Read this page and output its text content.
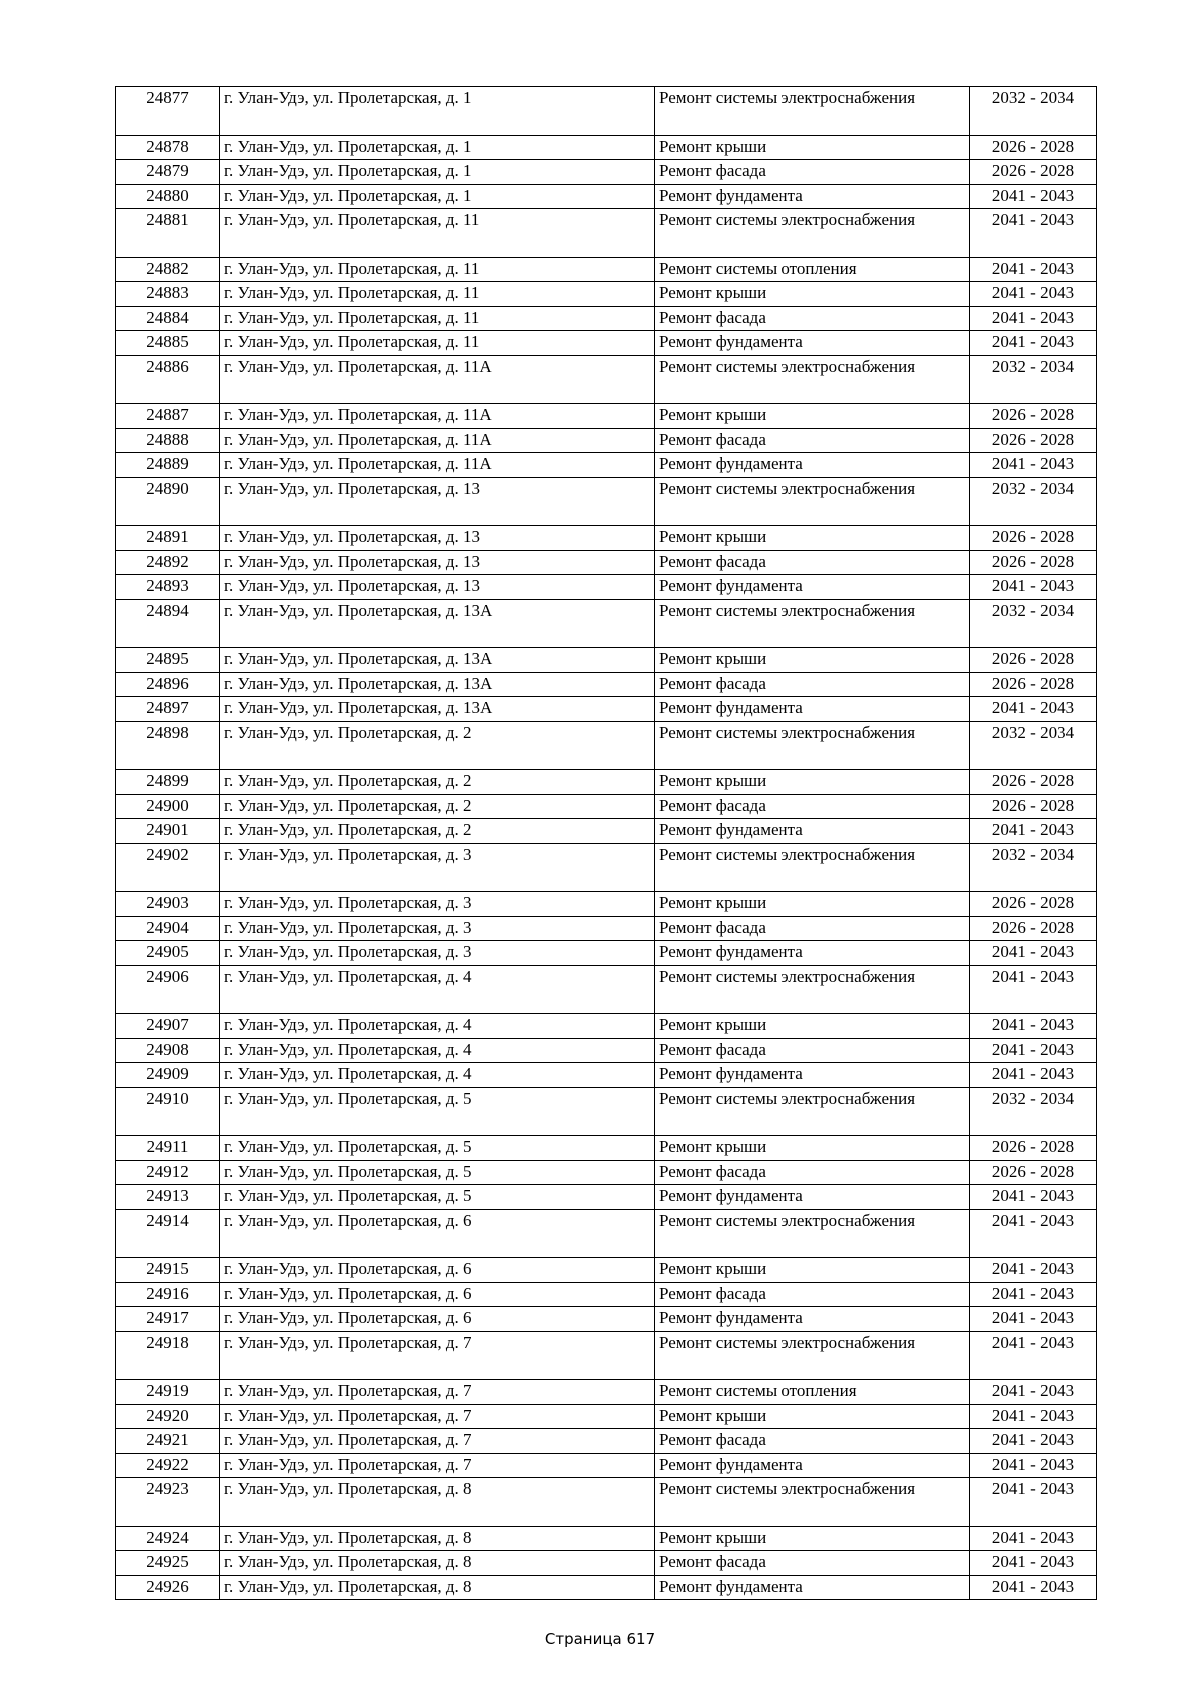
24877	г. Улан-Удэ, ул. Пролетарская, д. 1	Ремонт системы электроснабжения	2032 - 2034
24878	г. Улан-Удэ, ул. Пролетарская, д. 1	Ремонт крыши	2026 - 2028
24879	г. Улан-Удэ, ул. Пролетарская, д. 1	Ремонт фасада	2026 - 2028
24880	г. Улан-Удэ, ул. Пролетарская, д. 1	Ремонт фундамента	2041 - 2043
24881	г. Улан-Удэ, ул. Пролетарская, д. 11	Ремонт системы электроснабжения	2041 - 2043
24882	г. Улан-Удэ, ул. Пролетарская, д. 11	Ремонт системы отопления	2041 - 2043
24883	г. Улан-Удэ, ул. Пролетарская, д. 11	Ремонт крыши	2041 - 2043
24884	г. Улан-Удэ, ул. Пролетарская, д. 11	Ремонт фасада	2041 - 2043
24885	г. Улан-Удэ, ул. Пролетарская, д. 11	Ремонт фундамента	2041 - 2043
24886	г. Улан-Удэ, ул. Пролетарская, д. 11А	Ремонт системы электроснабжения	2032 - 2034
24887	г. Улан-Удэ, ул. Пролетарская, д. 11А	Ремонт крыши	2026 - 2028
24888	г. Улан-Удэ, ул. Пролетарская, д. 11А	Ремонт фасада	2026 - 2028
24889	г. Улан-Удэ, ул. Пролетарская, д. 11А	Ремонт фундамента	2041 - 2043
24890	г. Улан-Удэ, ул. Пролетарская, д. 13	Ремонт системы электроснабжения	2032 - 2034
24891	г. Улан-Удэ, ул. Пролетарская, д. 13	Ремонт крыши	2026 - 2028
24892	г. Улан-Удэ, ул. Пролетарская, д. 13	Ремонт фасада	2026 - 2028
24893	г. Улан-Удэ, ул. Пролетарская, д. 13	Ремонт фундамента	2041 - 2043
24894	г. Улан-Удэ, ул. Пролетарская, д. 13А	Ремонт системы электроснабжения	2032 - 2034
24895	г. Улан-Удэ, ул. Пролетарская, д. 13А	Ремонт крыши	2026 - 2028
24896	г. Улан-Удэ, ул. Пролетарская, д. 13А	Ремонт фасада	2026 - 2028
24897	г. Улан-Удэ, ул. Пролетарская, д. 13А	Ремонт фундамента	2041 - 2043
24898	г. Улан-Удэ, ул. Пролетарская, д. 2	Ремонт системы электроснабжения	2032 - 2034
24899	г. Улан-Удэ, ул. Пролетарская, д. 2	Ремонт крыши	2026 - 2028
24900	г. Улан-Удэ, ул. Пролетарская, д. 2	Ремонт фасада	2026 - 2028
24901	г. Улан-Удэ, ул. Пролетарская, д. 2	Ремонт фундамента	2041 - 2043
24902	г. Улан-Удэ, ул. Пролетарская, д. 3	Ремонт системы электроснабжения	2032 - 2034
24903	г. Улан-Удэ, ул. Пролетарская, д. 3	Ремонт крыши	2026 - 2028
24904	г. Улан-Удэ, ул. Пролетарская, д. 3	Ремонт фасада	2026 - 2028
24905	г. Улан-Удэ, ул. Пролетарская, д. 3	Ремонт фундамента	2041 - 2043
24906	г. Улан-Удэ, ул. Пролетарская, д. 4	Ремонт системы электроснабжения	2041 - 2043
24907	г. Улан-Удэ, ул. Пролетарская, д. 4	Ремонт крыши	2041 - 2043
24908	г. Улан-Удэ, ул. Пролетарская, д. 4	Ремонт фасада	2041 - 2043
24909	г. Улан-Удэ, ул. Пролетарская, д. 4	Ремонт фундамента	2041 - 2043
24910	г. Улан-Удэ, ул. Пролетарская, д. 5	Ремонт системы электроснабжения	2032 - 2034
24911	г. Улан-Удэ, ул. Пролетарская, д. 5	Ремонт крыши	2026 - 2028
24912	г. Улан-Удэ, ул. Пролетарская, д. 5	Ремонт фасада	2026 - 2028
24913	г. Улан-Удэ, ул. Пролетарская, д. 5	Ремонт фундамента	2041 - 2043
24914	г. Улан-Удэ, ул. Пролетарская, д. 6	Ремонт системы электроснабжения	2041 - 2043
24915	г. Улан-Удэ, ул. Пролетарская, д. 6	Ремонт крыши	2041 - 2043
24916	г. Улан-Удэ, ул. Пролетарская, д. 6	Ремонт фасада	2041 - 2043
24917	г. Улан-Удэ, ул. Пролетарская, д. 6	Ремонт фундамента	2041 - 2043
24918	г. Улан-Удэ, ул. Пролетарская, д. 7	Ремонт системы электроснабжения	2041 - 2043
24919	г. Улан-Удэ, ул. Пролетарская, д. 7	Ремонт системы отопления	2041 - 2043
24920	г. Улан-Удэ, ул. Пролетарская, д. 7	Ремонт крыши	2041 - 2043
24921	г. Улан-Удэ, ул. Пролетарская, д. 7	Ремонт фасада	2041 - 2043
24922	г. Улан-Удэ, ул. Пролетарская, д. 7	Ремонт фундамента	2041 - 2043
24923	г. Улан-Удэ, ул. Пролетарская, д. 8	Ремонт системы электроснабжения	2041 - 2043
24924	г. Улан-Удэ, ул. Пролетарская, д. 8	Ремонт крыши	2041 - 2043
24925	г. Улан-Удэ, ул. Пролетарская, д. 8	Ремонт фасада	2041 - 2043
24926	г. Улан-Удэ, ул. Пролетарская, д. 8	Ремонт фундамента	2041 - 2043
Страница 617
